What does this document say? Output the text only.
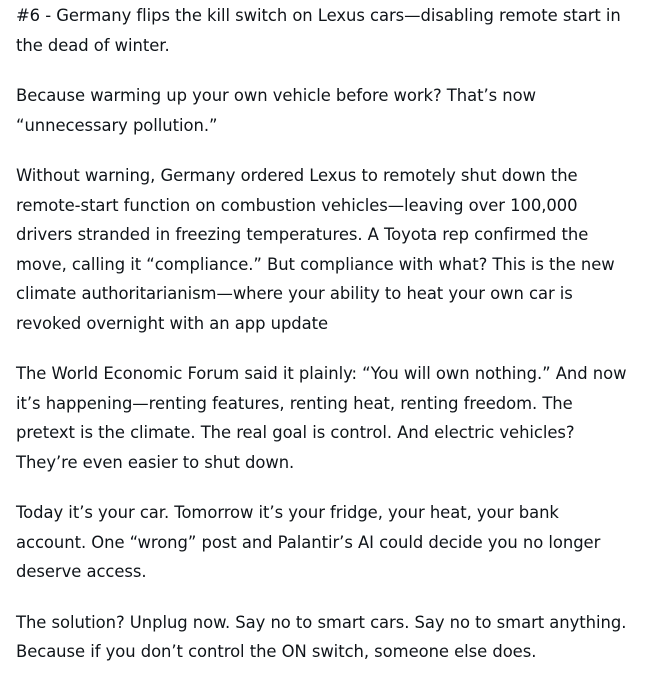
#6 - Germany flips the kill switch on Lexus cars—disabling remote start in the dead of winter.

Because warming up your own vehicle before work? That’s now “unnecessary pollution.”

Without warning, Germany ordered Lexus to remotely shut down the remote-start function on combustion vehicles—leaving over 100,000 drivers stranded in freezing temperatures. A Toyota rep confirmed the move, calling it “compliance.” But compliance with what? This is the new climate authoritarianism—where your ability to heat your own car is revoked overnight with an app update

The World Economic Forum said it plainly: “You will own nothing.” And now it’s happening—renting features, renting heat, renting freedom. The pretext is the climate. The real goal is control. And electric vehicles? They’re even easier to shut down.

Today it’s your car. Tomorrow it’s your fridge, your heat, your bank account. One “wrong” post and Palantir’s AI could decide you no longer deserve access.

The solution? Unplug now. Say no to smart cars. Say no to smart anything. Because if you don’t control the ON switch, someone else does.
